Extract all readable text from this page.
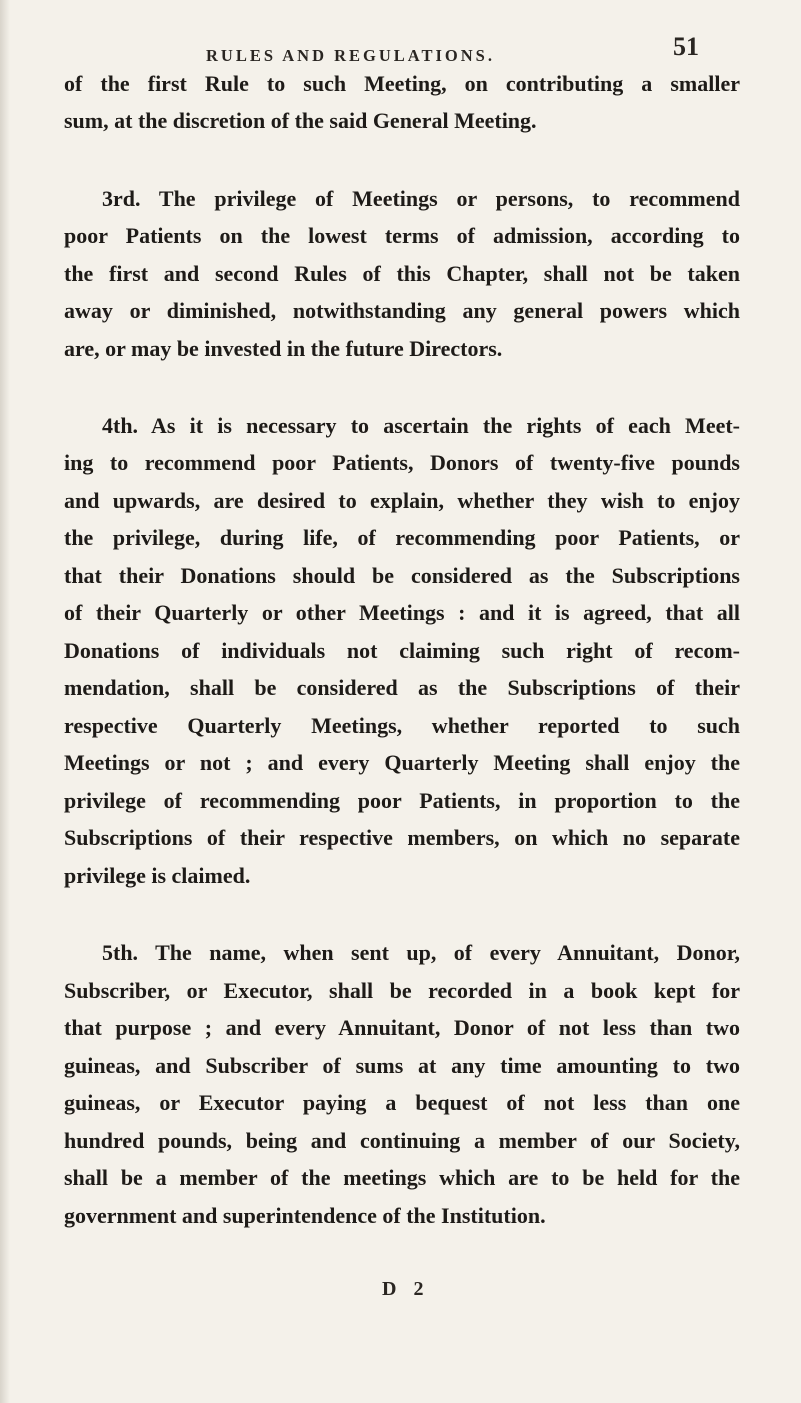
RULES AND REGULATIONS.	51
of the first Rule to such Meeting, on contributing a smaller
sum, at the discretion of the said General Meeting.
3rd. The privilege of Meetings or persons, to recommend
poor Patients on the lowest terms of admission, according to
the first and second Rules of this Chapter, shall not be taken
away or diminished, notwithstanding any general powers which
are, or may be invested in the future Directors.
4th. As it is necessary to ascertain the rights of each Meet-
ing to recommend poor Patients, Donors of twenty-five pounds
and upwards, are desired to explain, whether they wish to enjoy
the privilege, during life, of recommending poor Patients, or
that their Donations should be considered as the Subscriptions
of their Quarterly or other Meetings : and it is agreed, that all
Donations of individuals not claiming such right of recom-
mendation, shall be considered as the Subscriptions of their
respective Quarterly Meetings, whether reported to such
Meetings or not ; and every Quarterly Meeting shall enjoy the
privilege of recommending poor Patients, in proportion to the
Subscriptions of their respective members, on which no separate
privilege is claimed.
5th. The name, when sent up, of every Annuitant, Donor,
Subscriber, or Executor, shall be recorded in a book kept for
that purpose ; and every Annuitant, Donor of not less than two
guineas, and Subscriber of sums at any time amounting to two
guineas, or Executor paying a bequest of not less than one
hundred pounds, being and continuing a member of our Society,
shall be a member of the meetings which are to be held for the
government and superintendence of the Institution.
D 2
